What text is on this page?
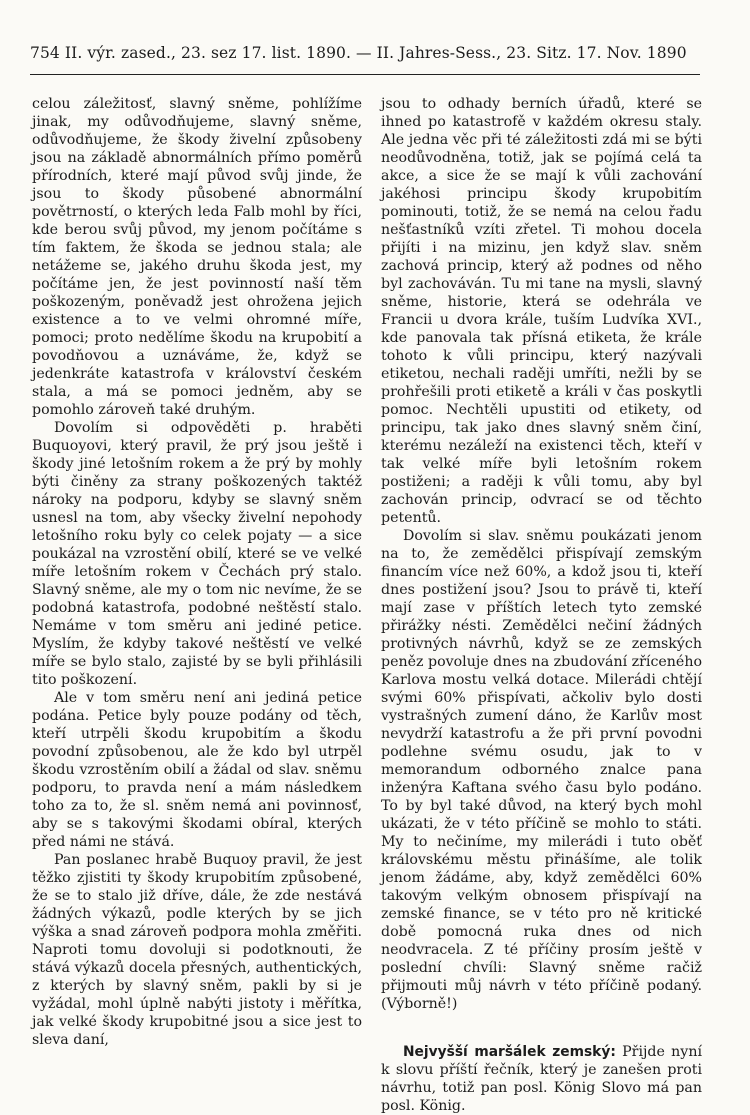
754 II. výr. zased., 23. sez 17. list. 1890. — II. Jahres-Sess., 23. Sitz. 17. Nov. 1890

celou záležitosť, slavný sněme, pohlížíme jinak, my odůvodňujeme, slavný sněme, odůvodňujeme, že škody živelní způsobeny jsou na základě abnormálních přímo poměrů přírodních, které mají původ svůj jinde, že jsou to škody působené abnormální povětrností, o kterých leda Falb mohl by říci, kde berou svůj původ, my jenom počítáme s tím faktem, že škoda se jednou stala; ale netážeme se, jakého druhu škoda jest, my počítáme jen, že jest povinností naší těm poškozeným, poněvadž jest ohrožena jejich existence a to ve velmi ohromné míře, pomoci; proto nedělíme škodu na krupobití a povodňovou a uznáváme, že, když se jedenkráte katastrofa v království českém stala, a má se pomoci jedněm, aby se pomohlo zároveň také druhým.

Dovolím si odpověděti p. hraběti Buquoyovi, který pravil, že prý jsou ještě i škody jiné letošním rokem a že prý by mohly býti činěny za strany poškozených taktéž nároky na podporu, kdyby se slavný sněm usnesl na tom, aby všecky živelní nepohody letošního roku byly co celek pojaty — a sice poukázal na vzrostění obilí, které se ve velké míře letošním rokem v Čechách prý stalo. Slavný sněme, ale my o tom nic nevíme, že se podobná katastrofa, podobné neštěstí stalo. Nemáme v tom směru ani jediné petice. Myslím, že kdyby takové neštěstí ve velké míře se bylo stalo, zajisté by se byli přihlásili tito poškození.

Ale v tom směru není ani jediná petice podána. Petice byly pouze podány od těch, kteří utrpěli škodu krupobitím a škodu povodní způsobenou, ale že kdo byl utrpěl škodu vzrostěním obilí a žádal od slav. sněmu podporu, to pravda není a mám následkem toho za to, že sl. sněm nemá ani povinnosť, aby se s takovými škodami obíral, kterých před námi ne stává.

Pan poslanec hrabě Buquoy pravil, že jest těžko zjistiti ty škody krupobitím způsobené, že se to stalo již dříve, dále, že zde nestává žádných výkazů, podle kterých by se jich výška a snad zároveň podpora mohla změřiti. Naproti tomu dovoluji si podotknouti, že stává výkazů docela přesných, authentických, z kterých by slavný sněm, pakli by si je vyžádal, mohl úplně nabýti jistoty i měřítka, jak velké škody krupobitné jsou a sice jest to sleva daní,

jsou to odhady berních úřadů, které se ihned po katastrofě v každém okresu staly. Ale jedna věc při té záležitosti zdá mi se býti neodůvodněna, totiž, jak se pojímá celá ta akce, a sice že se mají k vůli zachování jakéhosi principu škody krupobitím pominouti, totiž, že se nemá na celou řadu nešťastníků vzíti zřetel. Ti mohou docela přijíti i na mizinu, jen když slav. sněm zachová princip, který až podnes od něho byl zachováván. Tu mi tane na mysli, slavný sněme, historie, která se odehrála ve Francii u dvora krále, tuším Ludvíka XVI., kde panovala tak přísná etiketa, že krále tohoto k vůli principu, který nazývali etiketou, nechali raději umříti, nežli by se prohřešili proti etiketě a králi v čas poskytli pomoc. Nechtěli upustiti od etikety, od principu, tak jako dnes slavný sněm činí, kterému nezáleží na existenci těch, kteří v tak velké míře byli letošním rokem postiženi; a raději k vůli tomu, aby byl zachován princip, odvrací se od těchto petentů.

Dovolím si slav. sněmu poukázati jenom na to, že zemědělci přispívají zemským financím více než 60%, a kdož jsou ti, kteří dnes postižení jsou? Jsou to právě ti, kteří mají zase v příštích letech tyto zemské přirážky nésti. Zemědělci nečiní žádných protivných návrhů, když se ze zemských peněz povoluje dnes na zbudování zříceného Karlova mostu velká dotace. Milerádi chtějí svými 60% přispívati, ačkoliv bylo dosti vystrašných zumení dáno, že Karlův most nevydrží katastrofu a že při první povodni podlehne svému osudu, jak to v memorandum odborného znalce pana inženýra Kaftana svého času bylo podáno. To by byl také důvod, na který bych mohl ukázati, že v této příčině se mohlo to státi. My to nečiníme, my milerádi i tuto oběť královskému městu přinášíme, ale tolik jenom žádáme, aby, když zemědělci 60% takovým velkým obnosem přispívají na zemské finance, se v této pro ně kritické době pomocná ruka dnes od nich neodvracela. Z té příčiny prosím ještě v poslední chvíli: Slavný sněme račiž přijmouti můj návrh v této příčině podaný. (Výborně!)

Nejvyšší maršálek zemský: Přijde nyní k slovu příští řečník, který je zanešen proti návrhu, totiž pan posl. König Slovo má pan posl. König.
